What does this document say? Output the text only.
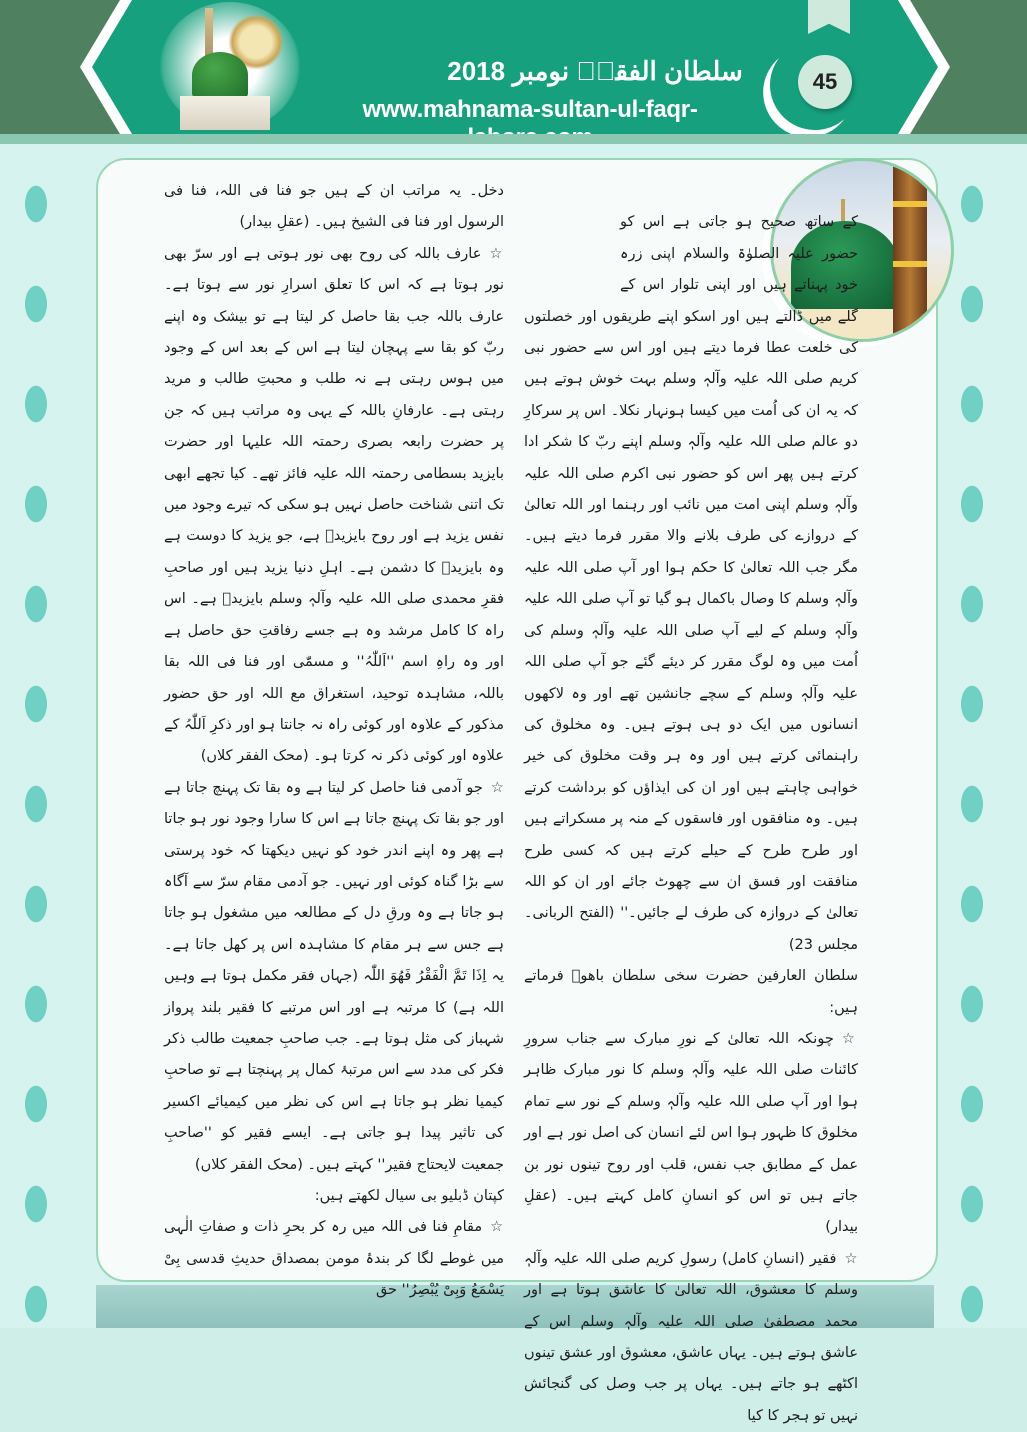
سلطان الفقرؒ نومبر 2018
www.mahnama-sultan-ul-faqr-
45

کے ساتھ صحیح ہو جاتی ہے اس کو حضور علیہ الصلوٰۃ والسلام اپنی زرہ خود پہناتے ہیں اور اپنی تلوار اس کے گلے میں ڈالتے ہیں اور اسکو اپنے طریقوں اور خصلتوں کی خلعت عطا فرما دیتے ہیں اور اس سے حضور نبی کریم صلی اللہ علیہ وآلہٖ وسلم بہت خوش ہوتے ہیں کہ یہ ان کی اُمت میں کیسا ہونہار نکلا۔ اس پر سرکارِ دو عالم صلی اللہ علیہ وآلہٖ وسلم اپنے ربّ کا شکر ادا کرتے ہیں پھر اس کو حضور نبی اکرم صلی اللہ علیہ وآلہٖ وسلم اپنی امت میں نائب اور رہنما اور اللہ تعالیٰ کے دروازے کی طرف بلانے والا مقرر فرما دیتے ہیں۔ مگر جب اللہ تعالیٰ کا حکم ہوا اور آپ صلی اللہ علیہ وآلہٖ وسلم کا وصال باکمال ہو گیا تو آپ صلی اللہ علیہ وآلہٖ وسلم کے لیے آپ صلی اللہ علیہ وآلہٖ وسلم کی اُمت میں وہ لوگ مقرر کر دیئے گئے جو آپ صلی اللہ علیہ وآلہٖ وسلم کے سچے جانشین تھے اور وہ لاکھوں انسانوں میں ایک دو ہی ہوتے ہیں۔ وہ مخلوق کی راہنمائی کرتے ہیں اور وہ ہر وقت مخلوق کی خیر خواہی چاہتے ہیں اور ان کی ایذاؤں کو برداشت کرتے ہیں۔ وہ منافقوں اور فاسقوں کے منہ پر مسکراتے ہیں اور طرح طرح کے حیلے کرتے ہیں کہ کسی طرح منافقت اور فسق ان سے چھوٹ جائے اور ان کو اللہ تعالیٰ کے دروازہ کی طرف لے جائیں۔'' (الفتح الربانی۔ مجلس 23)

سلطان العارفین حضرت سخی سلطان باھوؒ فرماتے ہیں:

☆چونکہ اللہ تعالیٰ کے نورِ مبارک سے جناب سرورِ کائنات صلی اللہ علیہ وآلہٖ وسلم کا نور مبارک ظاہر ہوا اور آپ صلی اللہ علیہ وآلہٖ وسلم کے نور سے تمام مخلوق کا ظہور ہوا اس لئے انسان کی اصل نور ہے اور عمل کے مطابق جب نفس، قلب اور روح تینوں نور بن جاتے ہیں تو اس کو انسانِ کامل کہتے ہیں۔ (عقلِ بیدار)

☆فقیر (انسانِ کامل) رسولِ کریم صلی اللہ علیہ وآلہٖ وسلم کا معشوق، اللہ تعالیٰ کا عاشق ہوتا ہے اور محمد مصطفیٰ صلی اللہ علیہ وآلہٖ وسلم اس کے عاشق ہوتے ہیں۔ یہاں عاشق، معشوق اور عشق تینوں اکٹھے ہو جاتے ہیں۔ یہاں پر جب وصل کی گنجائش نہیں تو ہجر کا کیا

دخل۔ یہ مراتب ان کے ہیں جو فنا فی اللہ، فنا فی الرسول اور فنا فی الشیخ ہیں۔ (عقلِ بیدار)

☆عارف باللہ کی روح بھی نور ہوتی ہے اور سرّ بھی نور ہوتا ہے کہ اس کا تعلق اسرارِ نور سے ہوتا ہے۔ عارف باللہ جب بقا حاصل کر لیتا ہے تو بیشک وہ اپنے ربّ کو بقا سے پہچان لیتا ہے اس کے بعد اس کے وجود میں ہوس رہتی ہے نہ طلب و محبتِ طالب و مرید رہتی ہے۔ عارفانِ باللہ کے یہی وہ مراتب ہیں کہ جن پر حضرت رابعہ بصری رحمتہ اللہ علیہا اور حضرت بایزید بسطامی رحمتہ اللہ علیہ فائز تھے۔ کیا تجھے ابھی تک اتنی شناخت حاصل نہیں ہو سکی کہ تیرے وجود میں نفس یزید ہے اور روح بایزیدؒ ہے، جو یزید کا دوست ہے وہ بایزیدؒ کا دشمن ہے۔ اہلِ دنیا یزید ہیں اور صاحبِ فقرِ محمدی صلی اللہ علیہ وآلہٖ وسلم بایزیدؒ ہے۔ اس راہ کا کامل مرشد وہ ہے جسے رفاقتِ حق حاصل ہے اور وہ راہِ اسم ''اَللّٰہُ'' و مسمّٰی اور فنا فی اللہ بقا باللہ، مشاہدہ توحید، استغراق مع اللہ اور حق حضور مذکور کے علاوہ اور کوئی راہ نہ جانتا ہو اور ذکرِ اَللّٰہُ کے علاوہ اور کوئی ذکر نہ کرتا ہو۔ (محک الفقر کلاں)

☆جو آدمی فنا حاصل کر لیتا ہے وہ بقا تک پہنچ جاتا ہے اور جو بقا تک پہنچ جاتا ہے اس کا سارا وجود نور ہو جاتا ہے پھر وہ اپنے اندر خود کو نہیں دیکھتا کہ خود پرستی سے بڑا گناہ کوئی اور نہیں۔ جو آدمی مقام سرّ سے آگاہ ہو جاتا ہے وہ ورقِ دل کے مطالعہ میں مشغول ہو جاتا ہے جس سے ہر مقام کا مشاہدہ اس پر کھل جاتا ہے۔ یہ اِذَا تَمَّ الْفَقْرُ فَھُوَ اللّٰہ (جہاں فقر مکمل ہوتا ہے وہیں اللہ ہے) کا مرتبہ ہے اور اس مرتبے کا فقیر بلند پرواز شہباز کی مثل ہوتا ہے۔ جب صاحبِ جمعیت طالب ذکر فکر کی مدد سے اس مرتبۂ کمال پر پہنچتا ہے تو صاحبِ کیمیا نظر ہو جاتا ہے اس کی نظر میں کیمیائے اکسیر کی تاثیر پیدا ہو جاتی ہے۔ ایسے فقیر کو ''صاحبِ جمعیت لایحتاج فقیر'' کہتے ہیں۔ (محک الفقر کلاں)

کپتان ڈبلیو بی سیال لکھتے ہیں:

☆مقامِ فنا فی اللہ میں رہ کر بحرِ ذات و صفاتِ الٰہی میں غوطے لگا کر بندۂ مومن بمصداق حدیثِ قدسی بِیْ یَسْمَعُ وَبِیْ یُبْصِرُ'' حق
